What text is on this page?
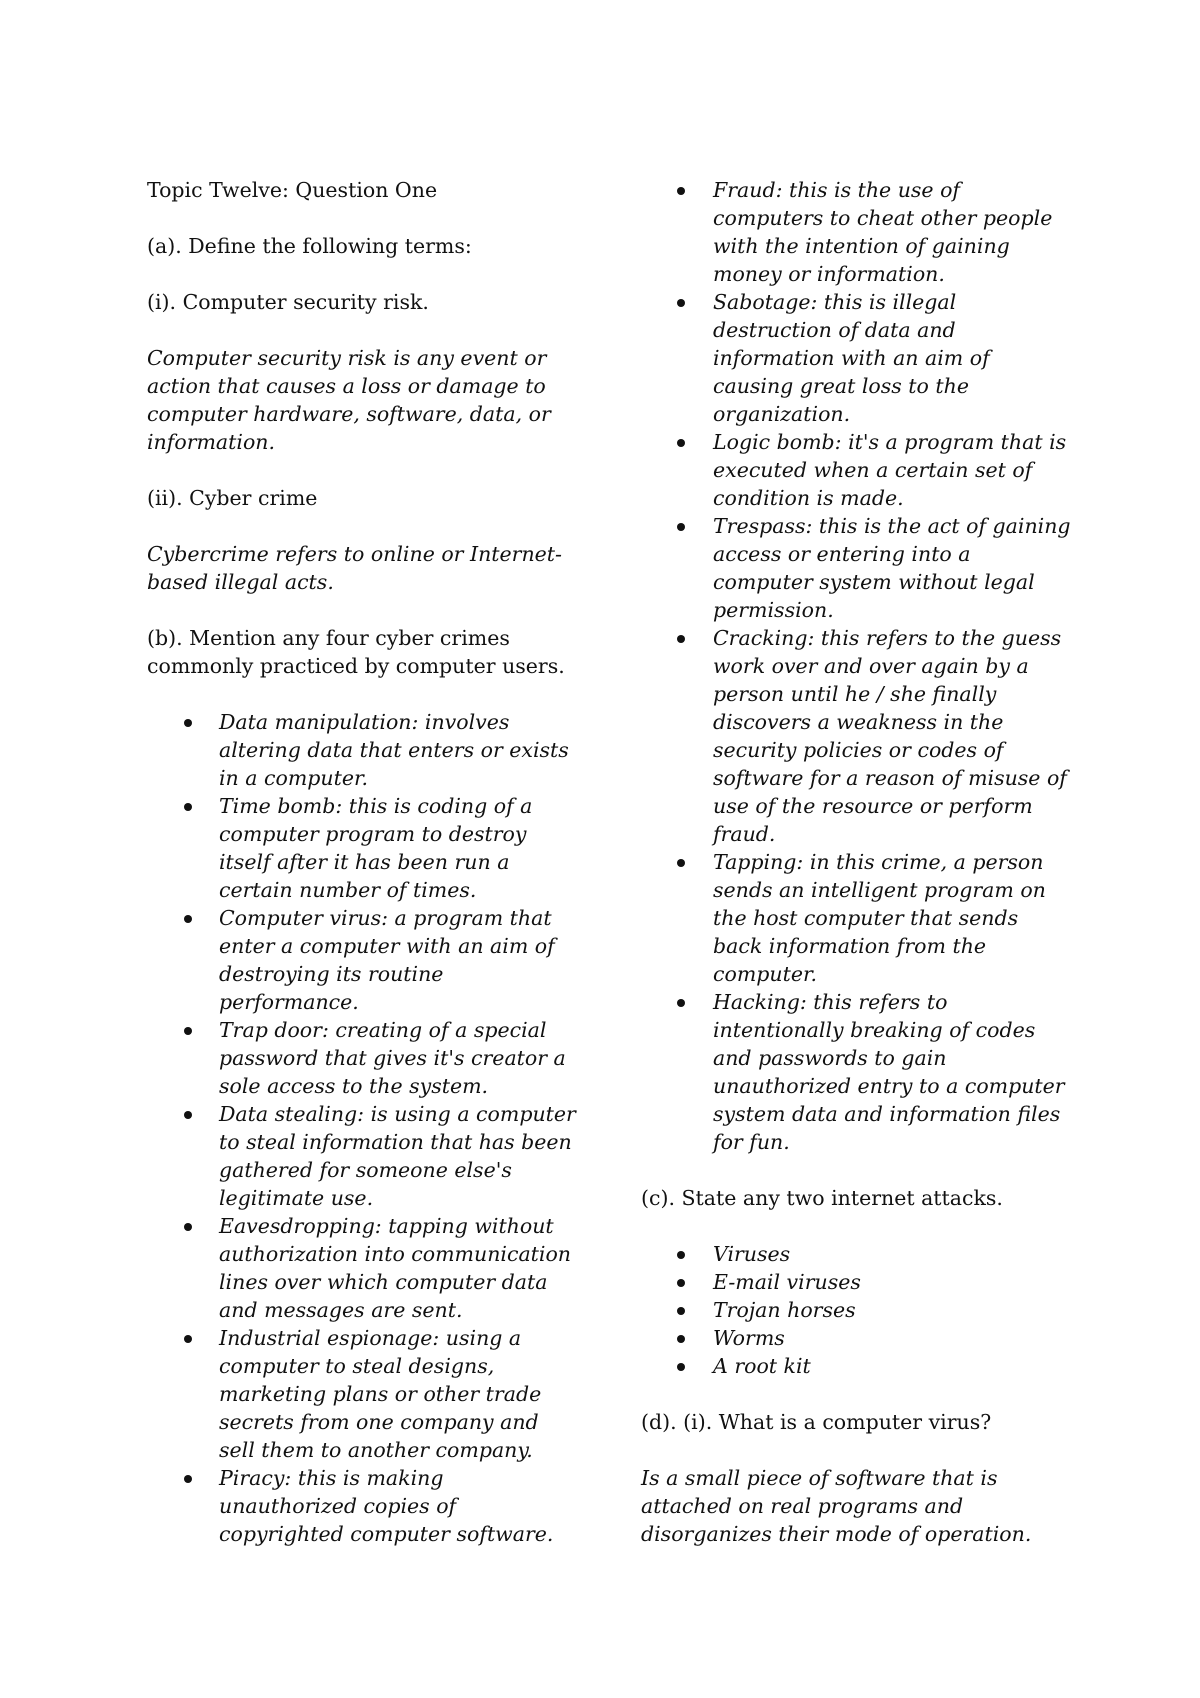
Topic Twelve: Question One

(a). Define the following terms:

(i). Computer security risk.

Computer security risk is any event or action that causes a loss or damage to computer hardware, software, data, or information.

(ii). Cyber crime

Cybercrime refers to online or Internet-based illegal acts.

(b). Mention any four cyber crimes commonly practiced by computer users.

Data manipulation: involves altering data that enters or exists in a computer.
Time bomb: this is coding of a computer program to destroy itself after it has been run a certain number of times.
Computer virus: a program that enter a computer with an aim of destroying its routine performance.
Trap door: creating of a special password that gives it's creator a sole access to the system.
Data stealing: is using a computer to steal information that has been gathered for someone else's legitimate use.
Eavesdropping: tapping without authorization into communication lines over which computer data and messages are sent.
Industrial espionage: using a computer to steal designs, marketing plans or other trade secrets from one company and sell them to another company.
Piracy: this is making unauthorized copies of copyrighted computer software.
Fraud: this is the use of computers to cheat other people with the intention of gaining money or information.
Sabotage: this is illegal destruction of data and information with an aim of causing great loss to the organization.
Logic bomb: it's a program that is executed when a certain set of condition is made.
Trespass: this is the act of gaining access or entering into a computer system without legal permission.
Cracking: this refers to the guess work over and over again by a person until he / she finally discovers a weakness in the security policies or codes of software for a reason of misuse of use of the resource or perform fraud.
Tapping: in this crime, a person sends an intelligent program on the host computer that sends back information from the computer.
Hacking: this refers to intentionally breaking of codes and passwords to gain unauthorized entry to a computer system data and information files for fun.

(c). State any two internet attacks.

Viruses
E-mail viruses
Trojan horses
Worms
A root kit

(d). (i). What is a computer virus?

Is a small piece of software that is attached on real programs and disorganizes their mode of operation.
